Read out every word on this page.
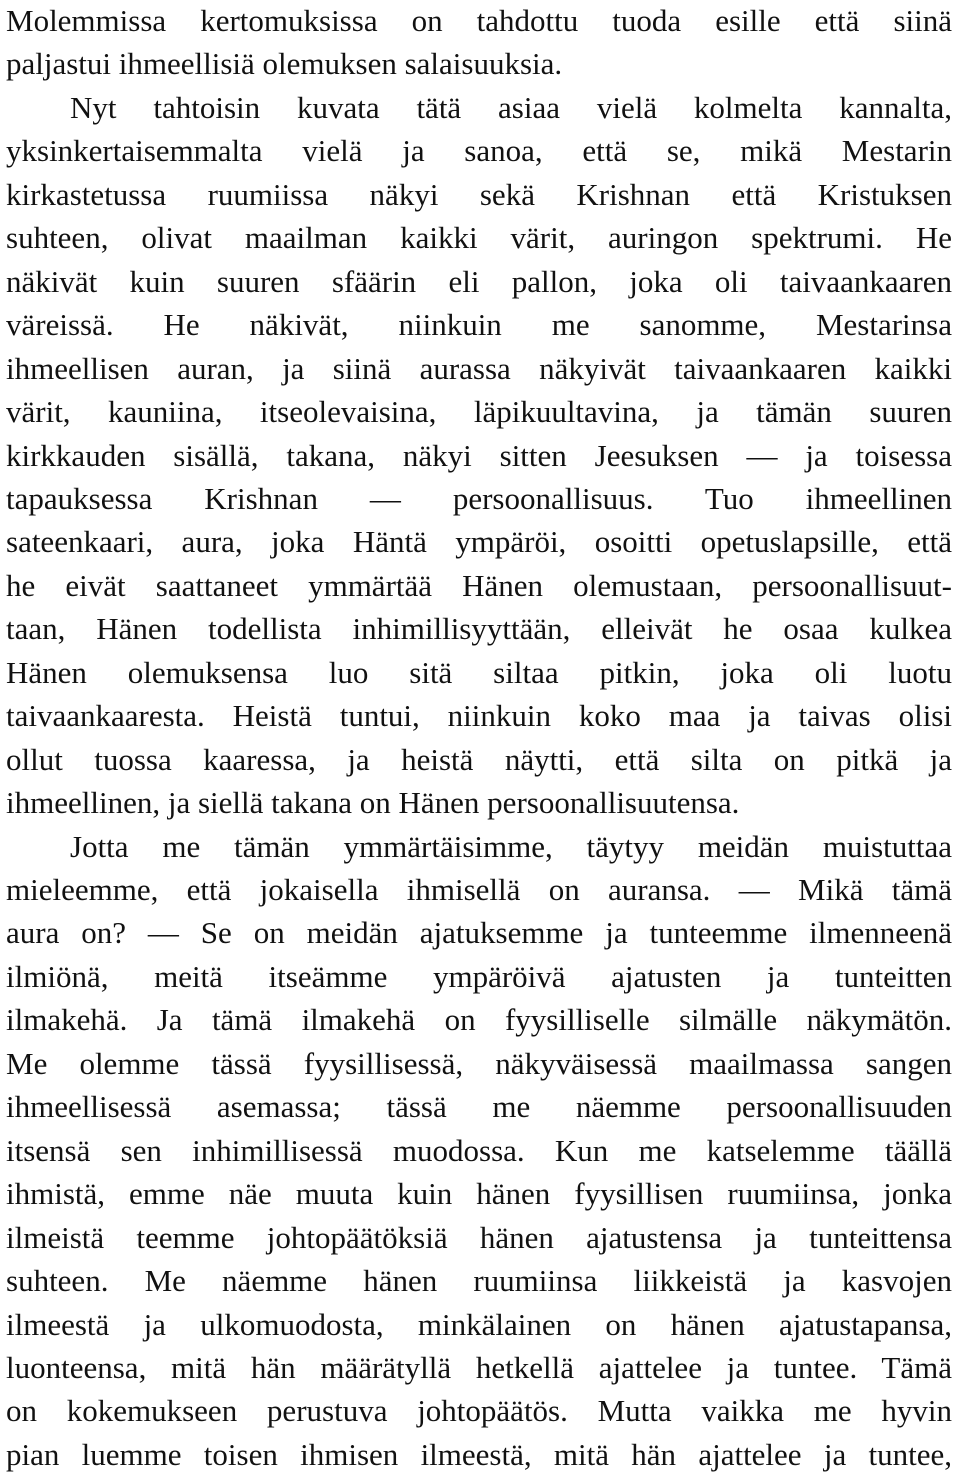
Molemmissa kertomuksissa on tahdottu tuoda esille että siinä
paljastui ihmeellisiä olemuksen salaisuuksia.
Nyt tahtoisin kuvata tätä asiaa vielä kolmelta kannalta,
yksinkertaisemmalta vielä ja sanoa, että se, mikä Mestarin
kirkastetussa ruumiissa näkyi sekä Krishnan että Kristuksen
suhteen, olivat maailman kaikki värit, auringon spektrumi. He
näkivät kuin suuren sfäärin eli pallon, joka oli taivaankaaren
väreissä. He näkivät, niinkuin me sanomme, Mestarinsa
ihmeellisen auran, ja siinä aurassa näkyivät taivaankaaren kaikki
värit, kauniina, itseolevaisina, läpikuultavina, ja tämän suuren
kirkkauden sisällä, takana, näkyi sitten Jeesuksen — ja toisessa
tapauksessa Krishnan — persoonallisuus. Tuo ihmeellinen
sateenkaari, aura, joka Häntä ympäröi, osoitti opetuslapsille, että
he eivät saattaneet ymmärtää Hänen olemustaan, persoonallisuut-
taan, Hänen todellista inhimillisyyttään, elleivät he osaa kulkea
Hänen olemuksensa luo sitä siltaa pitkin, joka oli luotu
taivaankaaresta. Heistä tuntui, niinkuin koko maa ja taivas olisi
ollut tuossa kaaressa, ja heistä näytti, että silta on pitkä ja
ihmeellinen, ja siellä takana on Hänen persoonallisuutensa.
Jotta me tämän ymmärtäisimme, täytyy meidän muistuttaa
mieleemme, että jokaisella ihmisellä on auransa. — Mikä tämä
aura on? — Se on meidän ajatuksemme ja tunteemme ilmenneenä
ilmiönä, meitä itseämme ympäröivä ajatusten ja tunteitten
ilmakehä. Ja tämä ilmakehä on fyysilliselle silmälle näkymätön.
Me olemme tässä fyysillisessä, näkyväisessä maailmassa sangen
ihmeellisessä asemassa; tässä me näemme persoonallisuuden
itsensä sen inhimillisessä muodossa. Kun me katselemme täällä
ihmistä, emme näe muuta kuin hänen fyysillisen ruumiinsa, jonka
ilmeistä teemme johtopäätöksiä hänen ajatustensa ja tunteittensa
suhteen. Me näemme hänen ruumiinsa liikkeistä ja kasvojen
ilmeestä ja ulkomuodosta, minkälainen on hänen ajatustapansa,
luonteensa, mitä hän määrätyllä hetkellä ajattelee ja tuntee. Tämä
on kokemukseen perustuva johtopäätös. Mutta vaikka me hyvin
pian luemme toisen ihmisen ilmeestä, mitä hän ajattelee ja tuntee,
